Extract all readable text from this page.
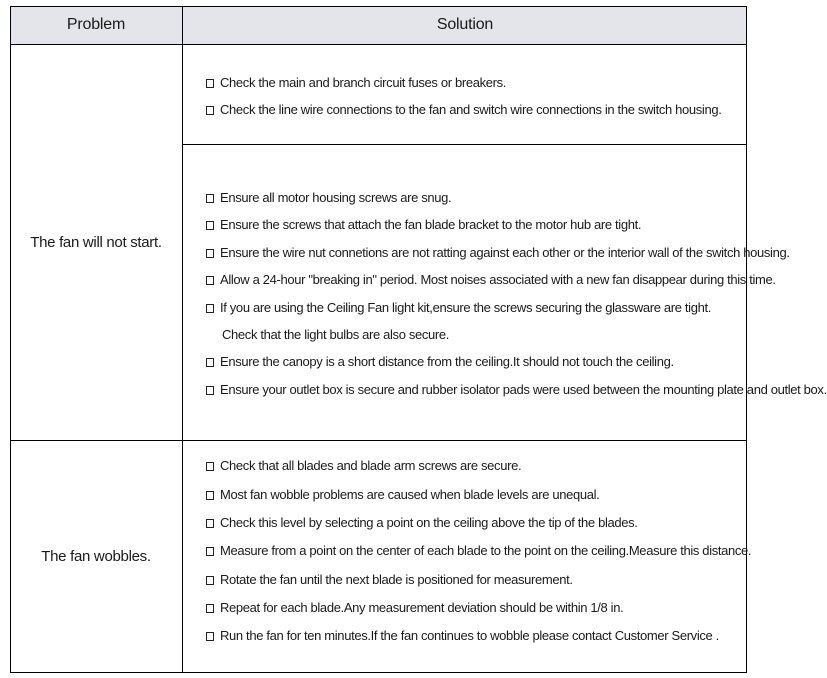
Problem	Solution
The fan will not start.
The fan wobbles.
Check the main and branch circuit fuses or breakers.
Check the line wire connections to the fan and switch wire connections in the switch housing.
Ensure all motor housing screws are snug.
Ensure the screws that attach the fan blade bracket to the motor hub are tight.
Ensure the wire nut connetions are not ratting against each other or the interior wall of the switch housing.
Allow a 24-hour "breaking in" period. Most noises associated with a new fan disappear during this time.
If you are using the Ceiling Fan light kit,ensure the screws securing the glassware are tight.
Check that the light bulbs are also secure.
Ensure the canopy is a short distance from the ceiling.It should not touch the ceiling.
Ensure your outlet box is secure and rubber isolator pads were used between the mounting plate and outlet box.
Check that all blades and blade arm screws are secure.
Most fan wobble problems are caused when blade levels are unequal.
Check this level by selecting a point on the ceiling above the tip of the blades.
Measure from a point on the center of each blade to the point on the ceiling.Measure this distance.
Rotate the fan until the next blade is positioned for measurement.
Repeat for each blade.Any measurement deviation should be within 1/8 in.
Run the fan for ten minutes.If the fan continues to wobble please contact Customer Service .
